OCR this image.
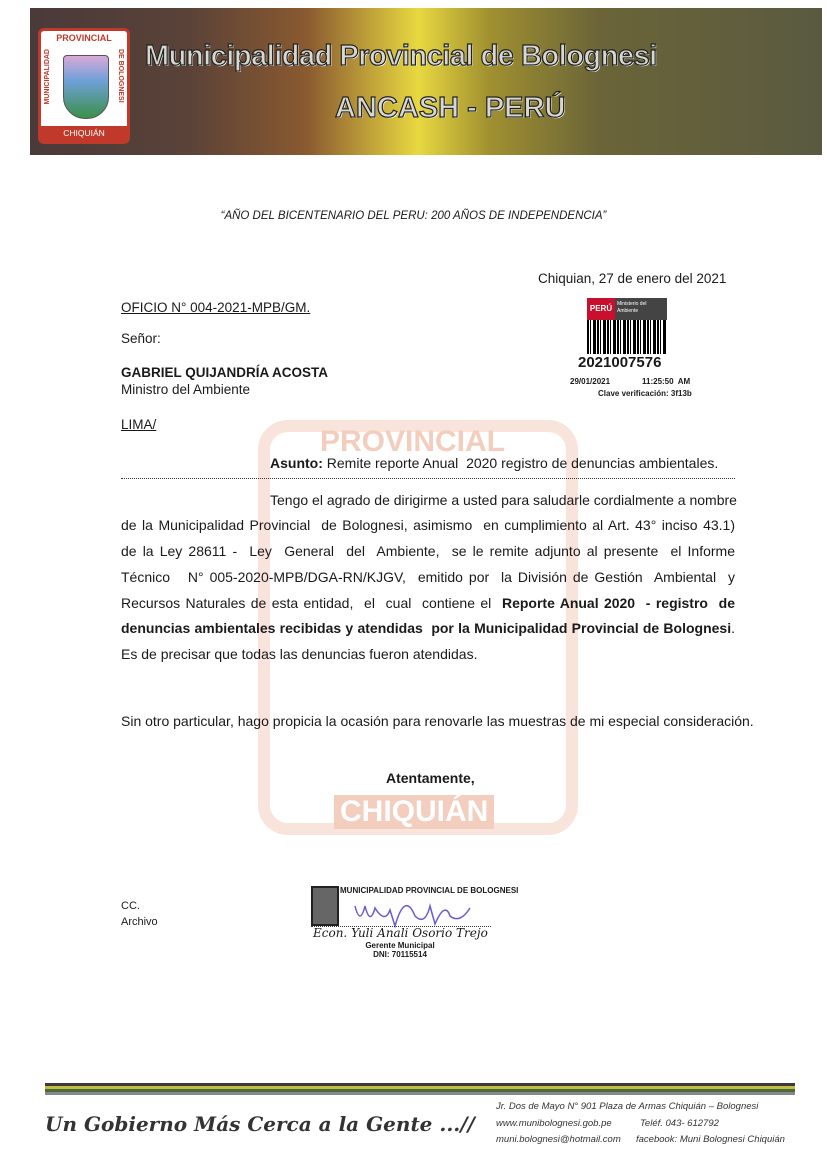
PROVINCIAL
MUNICIPALIDAD	DE BOLOGNESI
CHIQUIÁN
Municipalidad Provincial de Bolognesi
ANCASH - PERÚ
PROVINCIAL
CHIQUIÁN
“AÑO DEL BICENTENARIO DEL PERU: 200 AÑOS DE INDEPENDENCIA”
Chiquian, 27 de enero del 2021
OFICIO N° 004-2021-MPB/GM.
Señor:
GABRIEL QUIJANDRÍA ACOSTA
Ministro del Ambiente
LIMA/
PERÚ Ministerio del Ambiente
2021007576
29/01/2021	11:25:50  AM
Clave verificación: 3f13b
Asunto: Remite reporte Anual  2020 registro de denuncias ambientales.
Tengo el agrado de dirigirme a usted para saludarle cordialmente a nombre
de la Municipalidad Provincial  de Bolognesi, asimismo  en cumplimiento al Art. 43° inciso 43.1)
de la Ley 28611 -  Ley  General  del  Ambiente,  se le remite adjunto al presente  el Informe
Técnico   N° 005-2020-MPB/DGA-RN/KJGV,  emitido por  la División de Gestión  Ambiental  y
Recursos Naturales de esta entidad,  el  cual  contiene el  Reporte Anual 2020  - registro  de
denuncias ambientales recibidas y atendidas  por la Municipalidad Provincial de Bolognesi.
Es de precisar que todas las denuncias fueron atendidas.
Sin otro particular, hago propicia la ocasión para renovarle las muestras de mi especial consideración.
Atentamente,
MUNICIPALIDAD PROVINCIAL DE BOLOGNESI
Econ. Yuli Anali Osorio Trejo
Gerente Municipal
DNI: 70115514
CC.
Archivo
Un Gobierno Más Cerca a la Gente ...//
Jr. Dos de Mayo N° 901 Plaza de Armas Chiquián – Bolognesi
www.munibolognesi.gob.pe	Teléf. 043- 612792
muni.bolognesi@hotmail.com facebook: Muni Bolognesi Chiquián
